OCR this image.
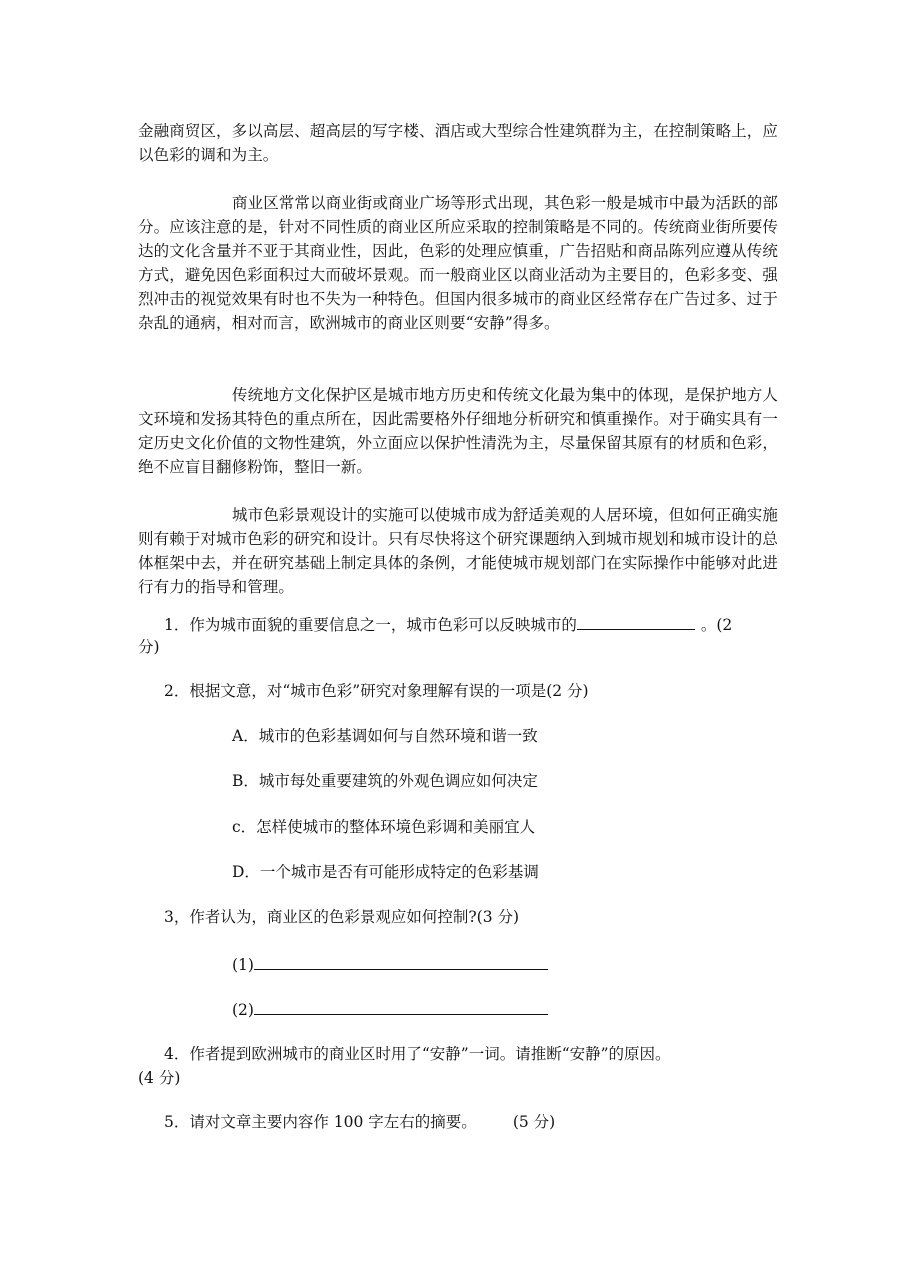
金融商贸区，多以高层、超高层的写字楼、酒店或大型综合性建筑群为主，在控制策略上，应以色彩的调和为主。

商业区常常以商业街或商业广场等形式出现，其色彩一般是城市中最为活跃的部分。应该注意的是，针对不同性质的商业区所应采取的控制策略是不同的。传统商业街所要传达的文化含量并不亚于其商业性，因此，色彩的处理应慎重，广告招贴和商品陈列应遵从传统方式，避免因色彩面积过大而破坏景观。而一般商业区以商业活动为主要目的，色彩多变、强烈冲击的视觉效果有时也不失为一种特色。但国内很多城市的商业区经常存在广告过多、过于杂乱的通病，相对而言，欧洲城市的商业区则要“安静”得多。

传统地方文化保护区是城市地方历史和传统文化最为集中的体现，是保护地方人文环境和发扬其特色的重点所在，因此需要格外仔细地分析研究和慎重操作。对于确实具有一定历史文化价值的文物性建筑，外立面应以保护性清洗为主，尽量保留其原有的材质和色彩，绝不应盲目翻修粉饰，整旧一新。

城市色彩景观设计的实施可以使城市成为舒适美观的人居环境，但如何正确实施则有赖于对城市色彩的研究和设计。只有尽快将这个研究课题纳入到城市规划和城市设计的总体框架中去，并在研究基础上制定具体的条例，才能使城市规划部门在实际操作中能够对此进行有力的指导和管理。

1．作为城市面貌的重要信息之一，城市色彩可以反映城市的	。(2
分)
2．根据文意，对“城市色彩”研究对象理解有误的一项是(2 分)
A．城市的色彩基调如何与自然环境和谐一致
B．城市每处重要建筑的外观色调应如何决定
c．怎样使城市的整体环境色彩调和美丽宜人
D．一个城市是否有可能形成特定的色彩基调
3，作者认为，商业区的色彩景观应如何控制?(3 分)
(1)
(2)
4．作者提到欧洲城市的商业区时用了“安静”一词。请推断“安静”的原因。
(4 分)
5．请对文章主要内容作 100 字左右的摘要。 (5 分)
